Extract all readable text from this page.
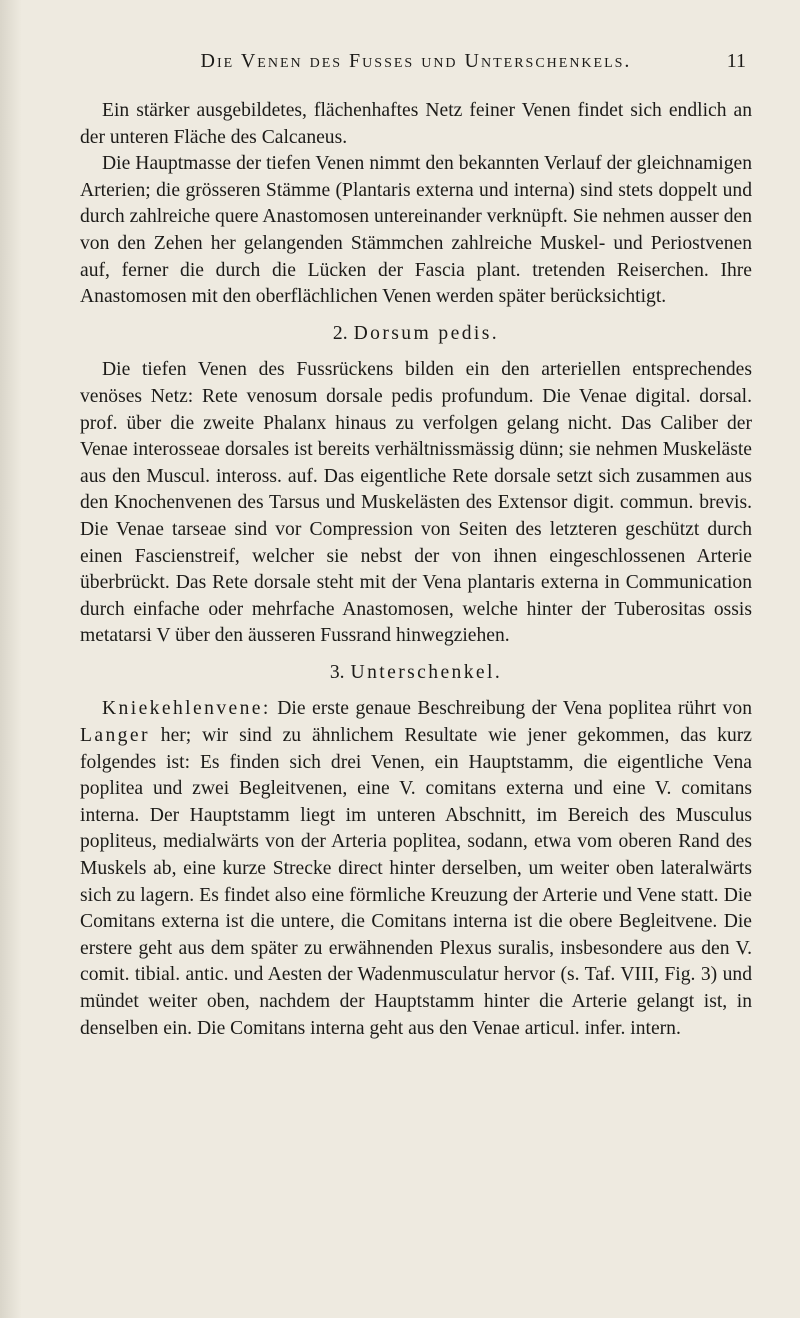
Die Venen des Fusses und Unterschenkels.	11

Ein stärker ausgebildetes, flächenhaftes Netz feiner Venen findet sich endlich an der unteren Fläche des Calcaneus.

Die Hauptmasse der tiefen Venen nimmt den bekannten Verlauf der gleichnamigen Arterien; die grösseren Stämme (Plantaris externa und interna) sind stets doppelt und durch zahlreiche quere Anastomosen untereinander verknüpft. Sie nehmen ausser den von den Zehen her gelangenden Stämmchen zahlreiche Muskel- und Periostvenen auf, ferner die durch die Lücken der Fascia plant. tretenden Reiserchen. Ihre Anastomosen mit den oberflächlichen Venen werden später berücksichtigt.

2. Dorsum pedis.

Die tiefen Venen des Fussrückens bilden ein den arteriellen entsprechendes venöses Netz: Rete venosum dorsale pedis profundum. Die Venae digital. dorsal. prof. über die zweite Phalanx hinaus zu verfolgen gelang nicht. Das Caliber der Venae interosseae dorsales ist bereits verhältnissmässig dünn; sie nehmen Muskeläste aus den Muscul. inteross. auf. Das eigentliche Rete dorsale setzt sich zusammen aus den Knochenvenen des Tarsus und Muskelästen des Extensor digit. commun. brevis. Die Venae tarseae sind vor Compression von Seiten des letzteren geschützt durch einen Fascienstreif, welcher sie nebst der von ihnen eingeschlossenen Arterie überbrückt. Das Rete dorsale steht mit der Vena plantaris externa in Communication durch einfache oder mehrfache Anastomosen, welche hinter der Tuberositas ossis metatarsi V über den äusseren Fussrand hinwegziehen.

3. Unterschenkel.

Kniekehlenvene: Die erste genaue Beschreibung der Vena poplitea rührt von Langer her; wir sind zu ähnlichem Resultate wie jener gekommen, das kurz folgendes ist: Es finden sich drei Venen, ein Hauptstamm, die eigentliche Vena poplitea und zwei Begleitvenen, eine V. comitans externa und eine V. comitans interna. Der Hauptstamm liegt im unteren Abschnitt, im Bereich des Musculus popliteus, medialwärts von der Arteria poplitea, sodann, etwa vom oberen Rand des Muskels ab, eine kurze Strecke direct hinter derselben, um weiter oben lateralwärts sich zu lagern. Es findet also eine förmliche Kreuzung der Arterie und Vene statt. Die Comitans externa ist die untere, die Comitans interna ist die obere Begleitvene. Die erstere geht aus dem später zu erwähnenden Plexus suralis, insbesondere aus den V. comit. tibial. antic. und Aesten der Wadenmusculatur hervor (s. Taf. VIII, Fig. 3) und mündet weiter oben, nachdem der Hauptstamm hinter die Arterie gelangt ist, in denselben ein. Die Comitans interna geht aus den Venae articul. infer. intern.
